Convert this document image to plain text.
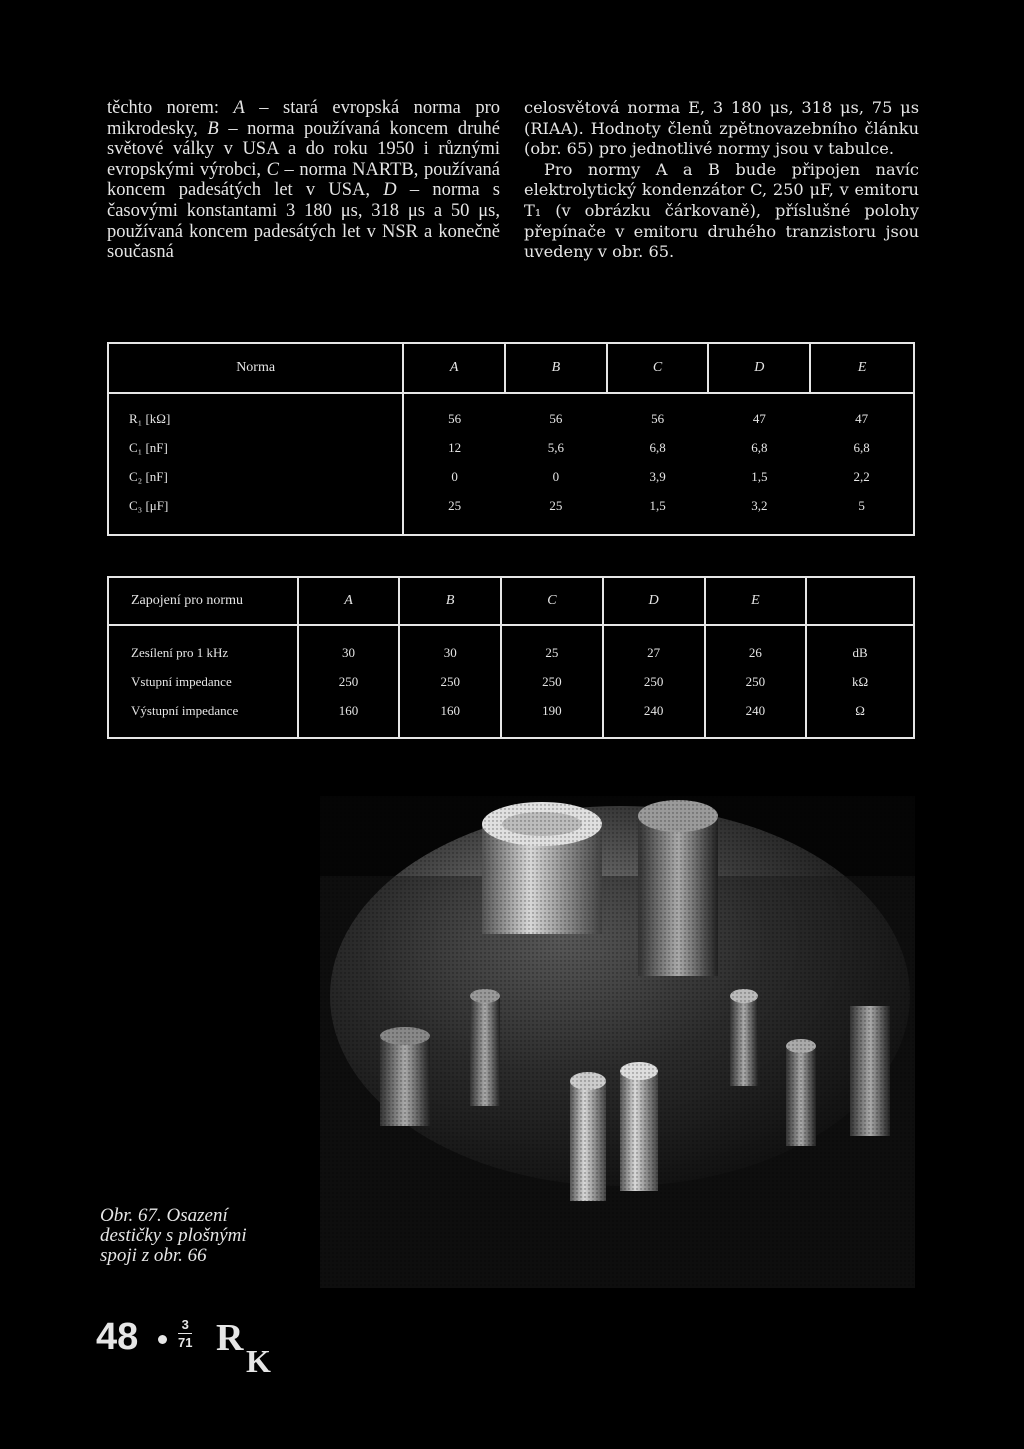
těchto norem: A – stará evropská norma pro mikrodesky, B – norma používaná koncem druhé světové války v USA a do roku 1950 i různými evropskými výrobci, C – norma NARTB, používaná koncem padesátých let v USA, D – norma s časovými konstantami 3 180 μs, 318 μs a 50 μs, používaná koncem padesátých let v NSR a konečně současná

celosvětová norma E, 3 180 μs, 318 μs, 75 μs (RIAA). Hodnoty členů zpětnovazebního článku (obr. 65) pro jednotlivé normy jsou v tabulce.

Pro normy A a B bude připojen navíc elektrolytický kondenzátor C, 250 μF, v emitoru T₁ (v obrázku čárkovaně), příslušné polohy přepínače v emitoru druhého tranzistoru jsou uvedeny v obr. 65.

Norma	A	B	C	D	E

R₁ [kΩ]	56	56	56	47	47
C₁ [nF]	12	5,6	6,8	6,8	6,8
C₂ [nF]	0	0	3,9	1,5	2,2
C₃ [μF]	25	25	1,5	3,2	5

Zapojení pro normu	A	B	C	D	E	

Zesílení pro 1 kHz	30	30	25	27	26	dB
Vstupní impedance	250	250	250	250	250	kΩ
Výstupní impedance	160	160	190	240	240	Ω

Obr. 67. Osazení
destičky s plošnými
spoji z obr. 66
48	3
71 R
K
